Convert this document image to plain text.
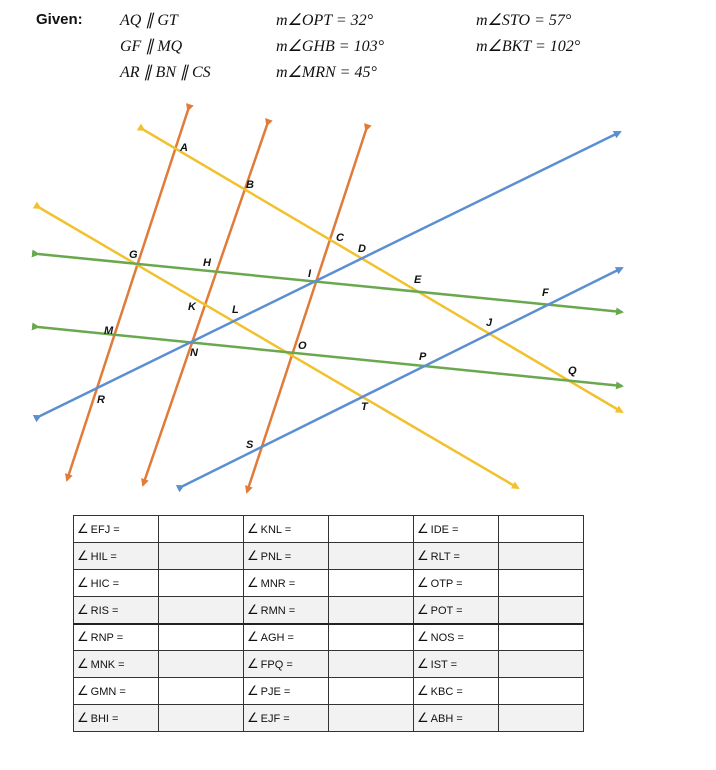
Given: AQ ∥ GT
GF ∥ MQ
AR ∥ BN ∥ CS
m∠OPT = 32°
m∠GHB = 103°
m∠MRN = 45°
m∠STO = 57°
m∠BKT = 102°
A
B
C
D
E
F
G
H
I
J
K	L
M
N
O
P
Q
R
S
T
∠ EFJ =		∠ KNL =		∠ IDE =	
∠ HIL =		∠ PNL =		∠ RLT =	
∠ HIC =		∠ MNR =		∠ OTP =	
∠ RIS =		∠ RMN =		∠ POT =	
∠ RNP =		∠ AGH =		∠ NOS =	
∠ MNK =		∠ FPQ =		∠ IST =	
∠ GMN =		∠ PJE =		∠ KBC =	
∠ BHI =		∠ EJF =		∠ ABH =	
